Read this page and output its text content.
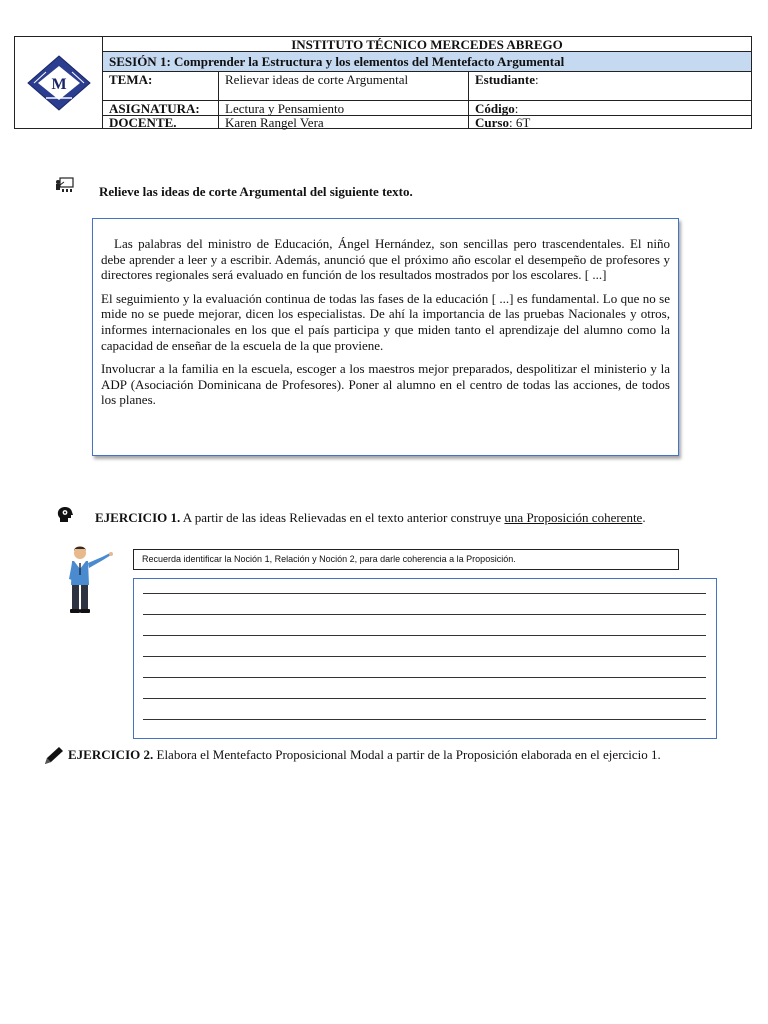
M
INSTITUTO TÉCNICO MERCEDES ABREGO
SESIÓN 1: Comprender la Estructura y los elementos del Mentefacto Argumental
TEMA:	Relievar ideas de corte Argumental	Estudiante:
ASIGNATURA:	Lectura y Pensamiento	Código:
DOCENTE.	Karen Rangel Vera	Curso: 6T
Relieve las ideas de corte Argumental del siguiente texto.

Las palabras del ministro de Educación, Ángel Hernández, son sencillas pero trascendentales. El niño debe aprender a leer y a escribir. Además, anunció que el próximo año escolar el desempeño de profesores y directores regionales será evaluado en función de los resultados mostrados por los escolares. [ ...]

El seguimiento y la evaluación continua de todas las fases de la educación [ ...] es fundamental. Lo que no se mide no se puede mejorar, dicen los especialistas. De ahí la importancia de las pruebas Nacionales y otros, informes internacionales en los que el país participa y que miden tanto el aprendizaje del alumno como la capacidad de enseñar de la escuela de la que proviene.

Involucrar a la familia en la escuela, escoger a los maestros mejor preparados, despolitizar el ministerio y la ADP (Asociación Dominicana de Profesores). Poner al alumno en el centro de todas las acciones, de todos los planes.

EJERCICIO 1. A partir de las ideas Relievadas en el texto anterior construye una Proposición coherente.
Recuerda identificar la Noción 1, Relación y Noción 2, para darle coherencia a la Proposición.
EJERCICIO 2. Elabora el Mentefacto Proposicional Modal a partir de la Proposición elaborada en el ejercicio 1.
